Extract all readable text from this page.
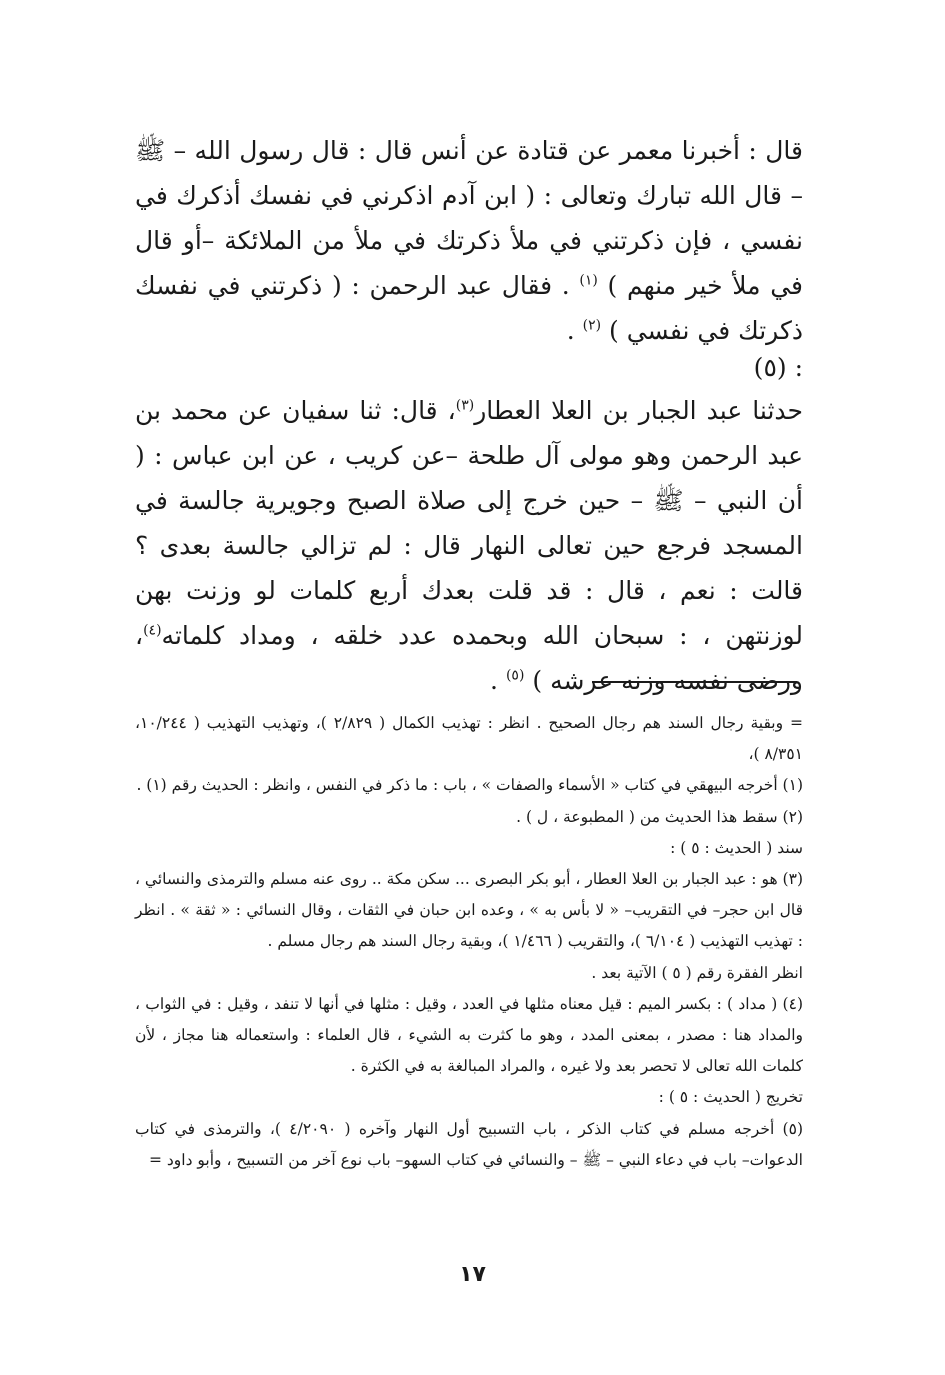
قال : أخبرنا معمر عن قتادة عن أنس قال : قال رسول الله – ﷺ – قال الله تبارك وتعالى : ( ابن آدم اذكرني في نفسك أذكرك في نفسي ، فإن ذكرتني في ملأ ذكرتك في ملأ من الملائكة –أو قال في ملأ خير منهم ) $^{(١)}$ . فقال عبد الرحمن : ( ذكرتني في نفسك ذكرتك في نفسي ) $^{(٢)}$ .

: (٥)

حدثنا عبد الجبار بن العلا العطار$^{(٣)}$، قال: ثنا سفيان عن محمد بن عبد الرحمن وهو مولى آل طلحة –عن كريب ، عن ابن عباس : ( أن النبي – ﷺ – حين خرج إلى صلاة الصبح وجويرية جالسة في المسجد فرجع حين تعالى النهار قال : لم تزالي جالسة بعدى ؟ قالت : نعم ، قال : قد قلت بعدك أربع كلمات لو وزنت بهن لوزنتهن ، : سبحان الله وبحمده عدد خلقه ، ومداد كلماته$^{(٤)}$، ورضى نفسه وزنه عرشه ) $^{(٥)}$ .

= وبقية رجال السند هم رجال الصحيح . انظر : تهذيب الكمال ( ٢/٨٢٩ )، وتهذيب التهذيب ( ١٠/٢٤٤، ٨/٣٥١ )،

(١) أخرجه البيهقي في كتاب « الأسماء والصفات » ، باب : ما ذكر في النفس ، وانظر : الحديث رقم (١) .

(٢) سقط هذا الحديث من ( المطبوعة ، ل ) .

سند ( الحديث : ٥ ) :

(٣) هو : عبد الجبار بن العلا العطار ، أبو بكر البصرى ... سكن مكة .. روى عنه مسلم والترمذى والنسائي ، قال ابن حجر– في التقريب– « لا بأس به » ، وعده ابن حبان في الثقات ، وقال النسائي : « ثقة » . انظر : تهذيب التهذيب ( ٦/١٠٤ )، والتقريب ( ١/٤٦٦ )، وبقية رجال السند هم رجال مسلم .

انظر الفقرة رقم ( ٥ ) الآتية بعد .

(٤) ( مداد ) : بكسر الميم : قيل معناه مثلها في العدد ، وقيل : مثلها في أنها لا تنفد ، وقيل : في الثواب ، والمداد هنا : مصدر ، بمعنى المدد ، وهو ما كثرت به الشيء ، قال العلماء : واستعماله هنا مجاز ، لأن كلمات الله تعالى لا تحصر بعد ولا غيره ، والمراد المبالغة به في الكثرة .

تخريج ( الحديث : ٥ ) :

(٥) أخرجه مسلم في كتاب الذكر ، باب التسبيح أول النهار وآخره ( ٤/٢٠٩٠ )، والترمذى في كتاب الدعوات– باب في دعاء النبي – ﷺ – والنسائي في كتاب السهو– باب نوع آخر من التسبيح ، وأبو داود =

١٧
